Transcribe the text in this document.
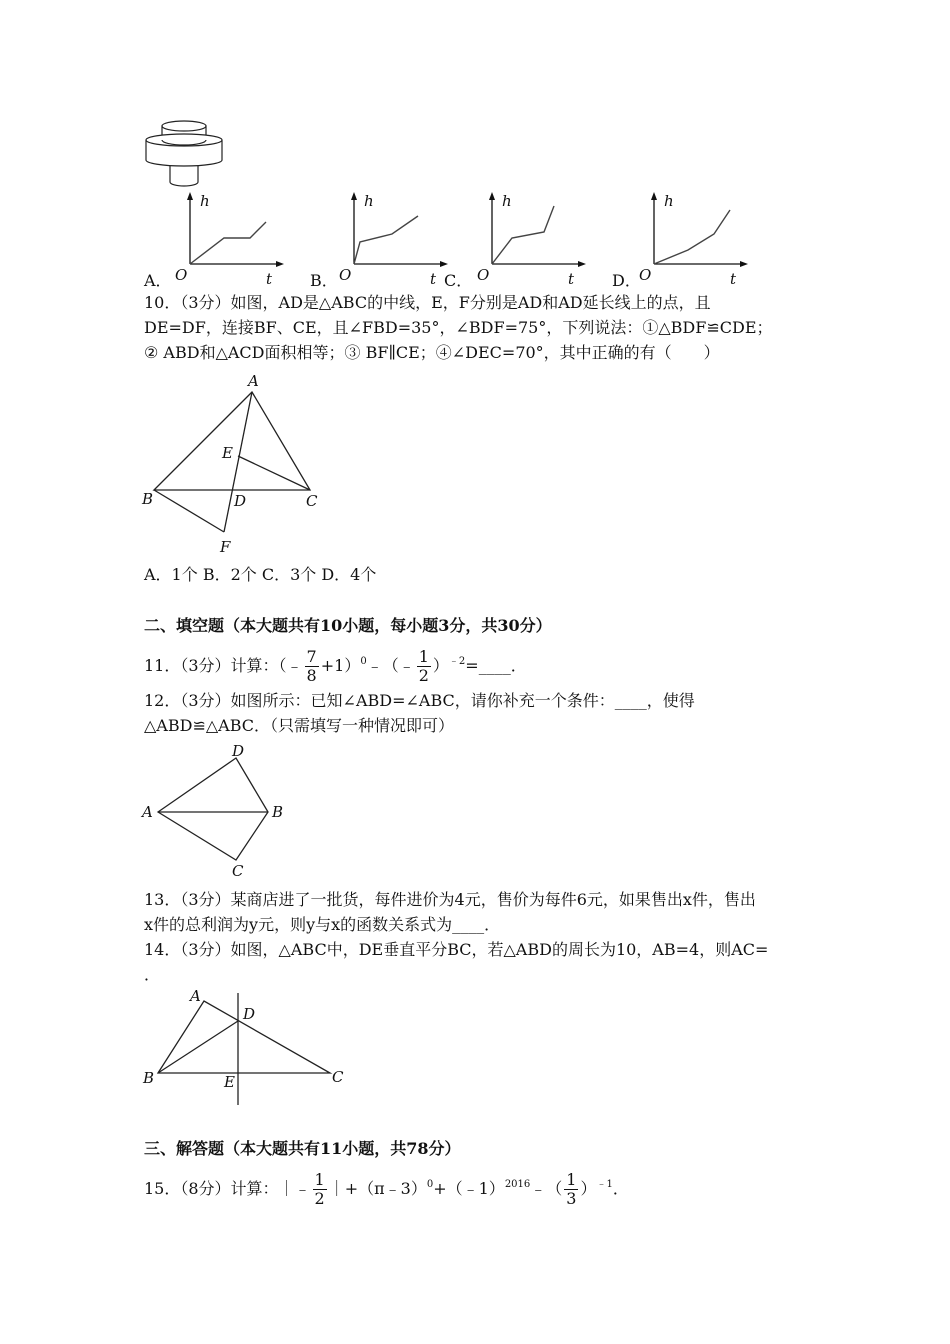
h
t
O
h
t
O
h
t
O
h
t
O
A．	B．	C．	D．
10．（3分）如图，AD是△ABC的中线，E，F分别是AD和AD延长线上的点，且
DE=DF，连接BF、CE，且∠FBD=35°，∠BDF=75°，下列说法：①△BDF≌CDE；
② ABD和△ACD面积相等；③ BF∥CE；④∠DEC=70°，其中正确的有（　　）
A
B	C
D
E
F
A．1个 B．2个 C．3个 D．4个
二、填空题（本大题共有10小题，每小题3分，共30分）
11．（3分）计算：（﹣ $\frac{7}{8}$ +1）$^0$﹣（﹣ $\frac{1}{2}$ ）$^{﹣2}$=____．
12．（3分）如图所示：已知∠ABD=∠ABC，请你补充一个条件：____，使得
△ABD≌△ABC．（只需填写一种情况即可）
A	B
C
D
13．（3分）某商店进了一批货，每件进价为4元，售价为每件6元，如果售出x件，售出
x件的总利润为y元，则y与x的函数关系式为____．
14．（3分）如图，△ABC中，DE垂直平分BC，若△ABD的周长为10，AB=4，则AC=
．
A
B	C
D
E
三、解答题（本大题共有11小题，共78分）
15．（8分）计算：｜﹣ $\frac{1}{2}$ ｜+（π﹣3）$^0$+（﹣1）$^{2016}$﹣（ $\frac{1}{3} )^{﹣1}$．
